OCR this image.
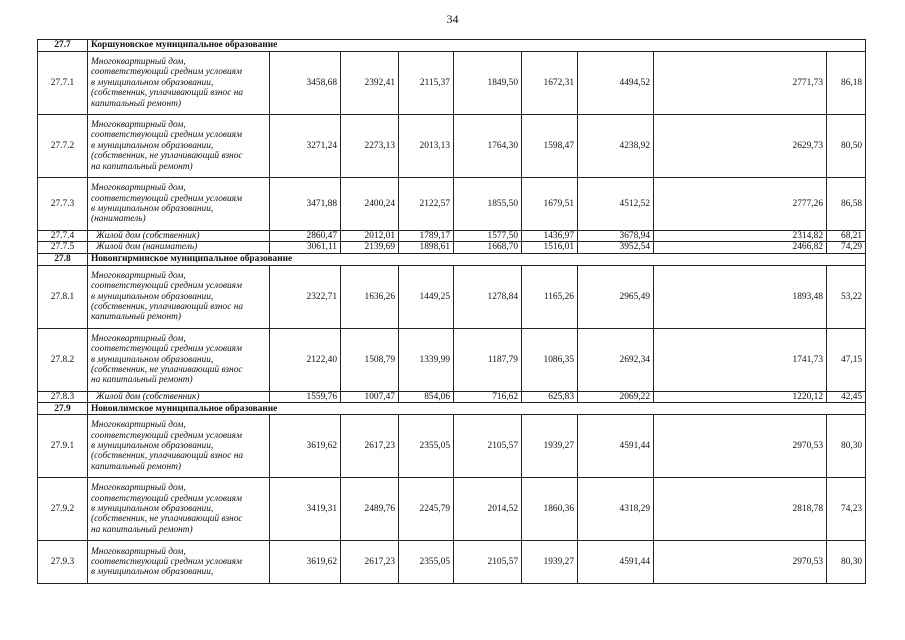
34
27.7	Коршуновское муниципальное образование								
27.7.1	Многоквартирный дом,
соответствующий средним условиям
в муниципальном образовании,
(собственник, уплачивающий взнос на
капитальный ремонт)	3458,68	2392,41	2115,37	1849,50	1672,31	4494,52	2771,73	86,18
27.7.2	Многоквартирный дом,
соответствующий средним условиям
в муниципальном образовании,
(собственник, не уплачивающий взнос
на капитальный ремонт)	3271,24	2273,13	2013,13	1764,30	1598,47	4238,92	2629,73	80,50
27.7.3	Многоквартирный дом,
соответствующий средним условиям
в муниципальном образовании,
(наниматель)	3471,88	2400,24	2122,57	1855,50	1679,51	4512,52	2777,26	86,58
27.7.4	Жилой дом (собственник)	2860,47	2012,01	1789,17	1577,50	1436,97	3678,94	2314,82	68,21
27.7.5	Жилой дом (наниматель)	3061,11	2139,69	1898,61	1668,70	1516,01	3952,54	2466,82	74,29
27.8	Новонгирминское муниципальное образование								
27.8.1	Многоквартирный дом,
соответствующий средним условиям
в муниципальном образовании,
(собственник, уплачивающий взнос на
капитальный ремонт)	2322,71	1636,26	1449,25	1278,84	1165,26	2965,49	1893,48	53,22
27.8.2	Многоквартирный дом,
соответствующий средним условиям
в муниципальном образовании,
(собственник, не уплачивающий взнос
на капитальный ремонт)	2122,40	1508,79	1339,99	1187,79	1086,35	2692,34	1741,73	47,15
27.8.3	Жилой дом (собственник)	1559,76	1007,47	854,06	716,62	625,83	2069,22	1220,12	42,45
27.9	Новоилимское муниципальное образование								
27.9.1	Многоквартирный дом,
соответствующий средним условиям
в муниципальном образовании,
(собственник, уплачивающий взнос на
капитальный ремонт)	3619,62	2617,23	2355,05	2105,57	1939,27	4591,44	2970,53	80,30
27.9.2	Многоквартирный дом,
соответствующий средним условиям
в муниципальном образовании,
(собственник, не уплачивающий взнос
на капитальный ремонт)	3419,31	2489,76	2245,79	2014,52	1860,36	4318,29	2818,78	74,23
27.9.3	Многоквартирный дом,
соответствующий средним условиям
в муниципальном образовании,	3619,62	2617,23	2355,05	2105,57	1939,27	4591,44	2970,53	80,30
